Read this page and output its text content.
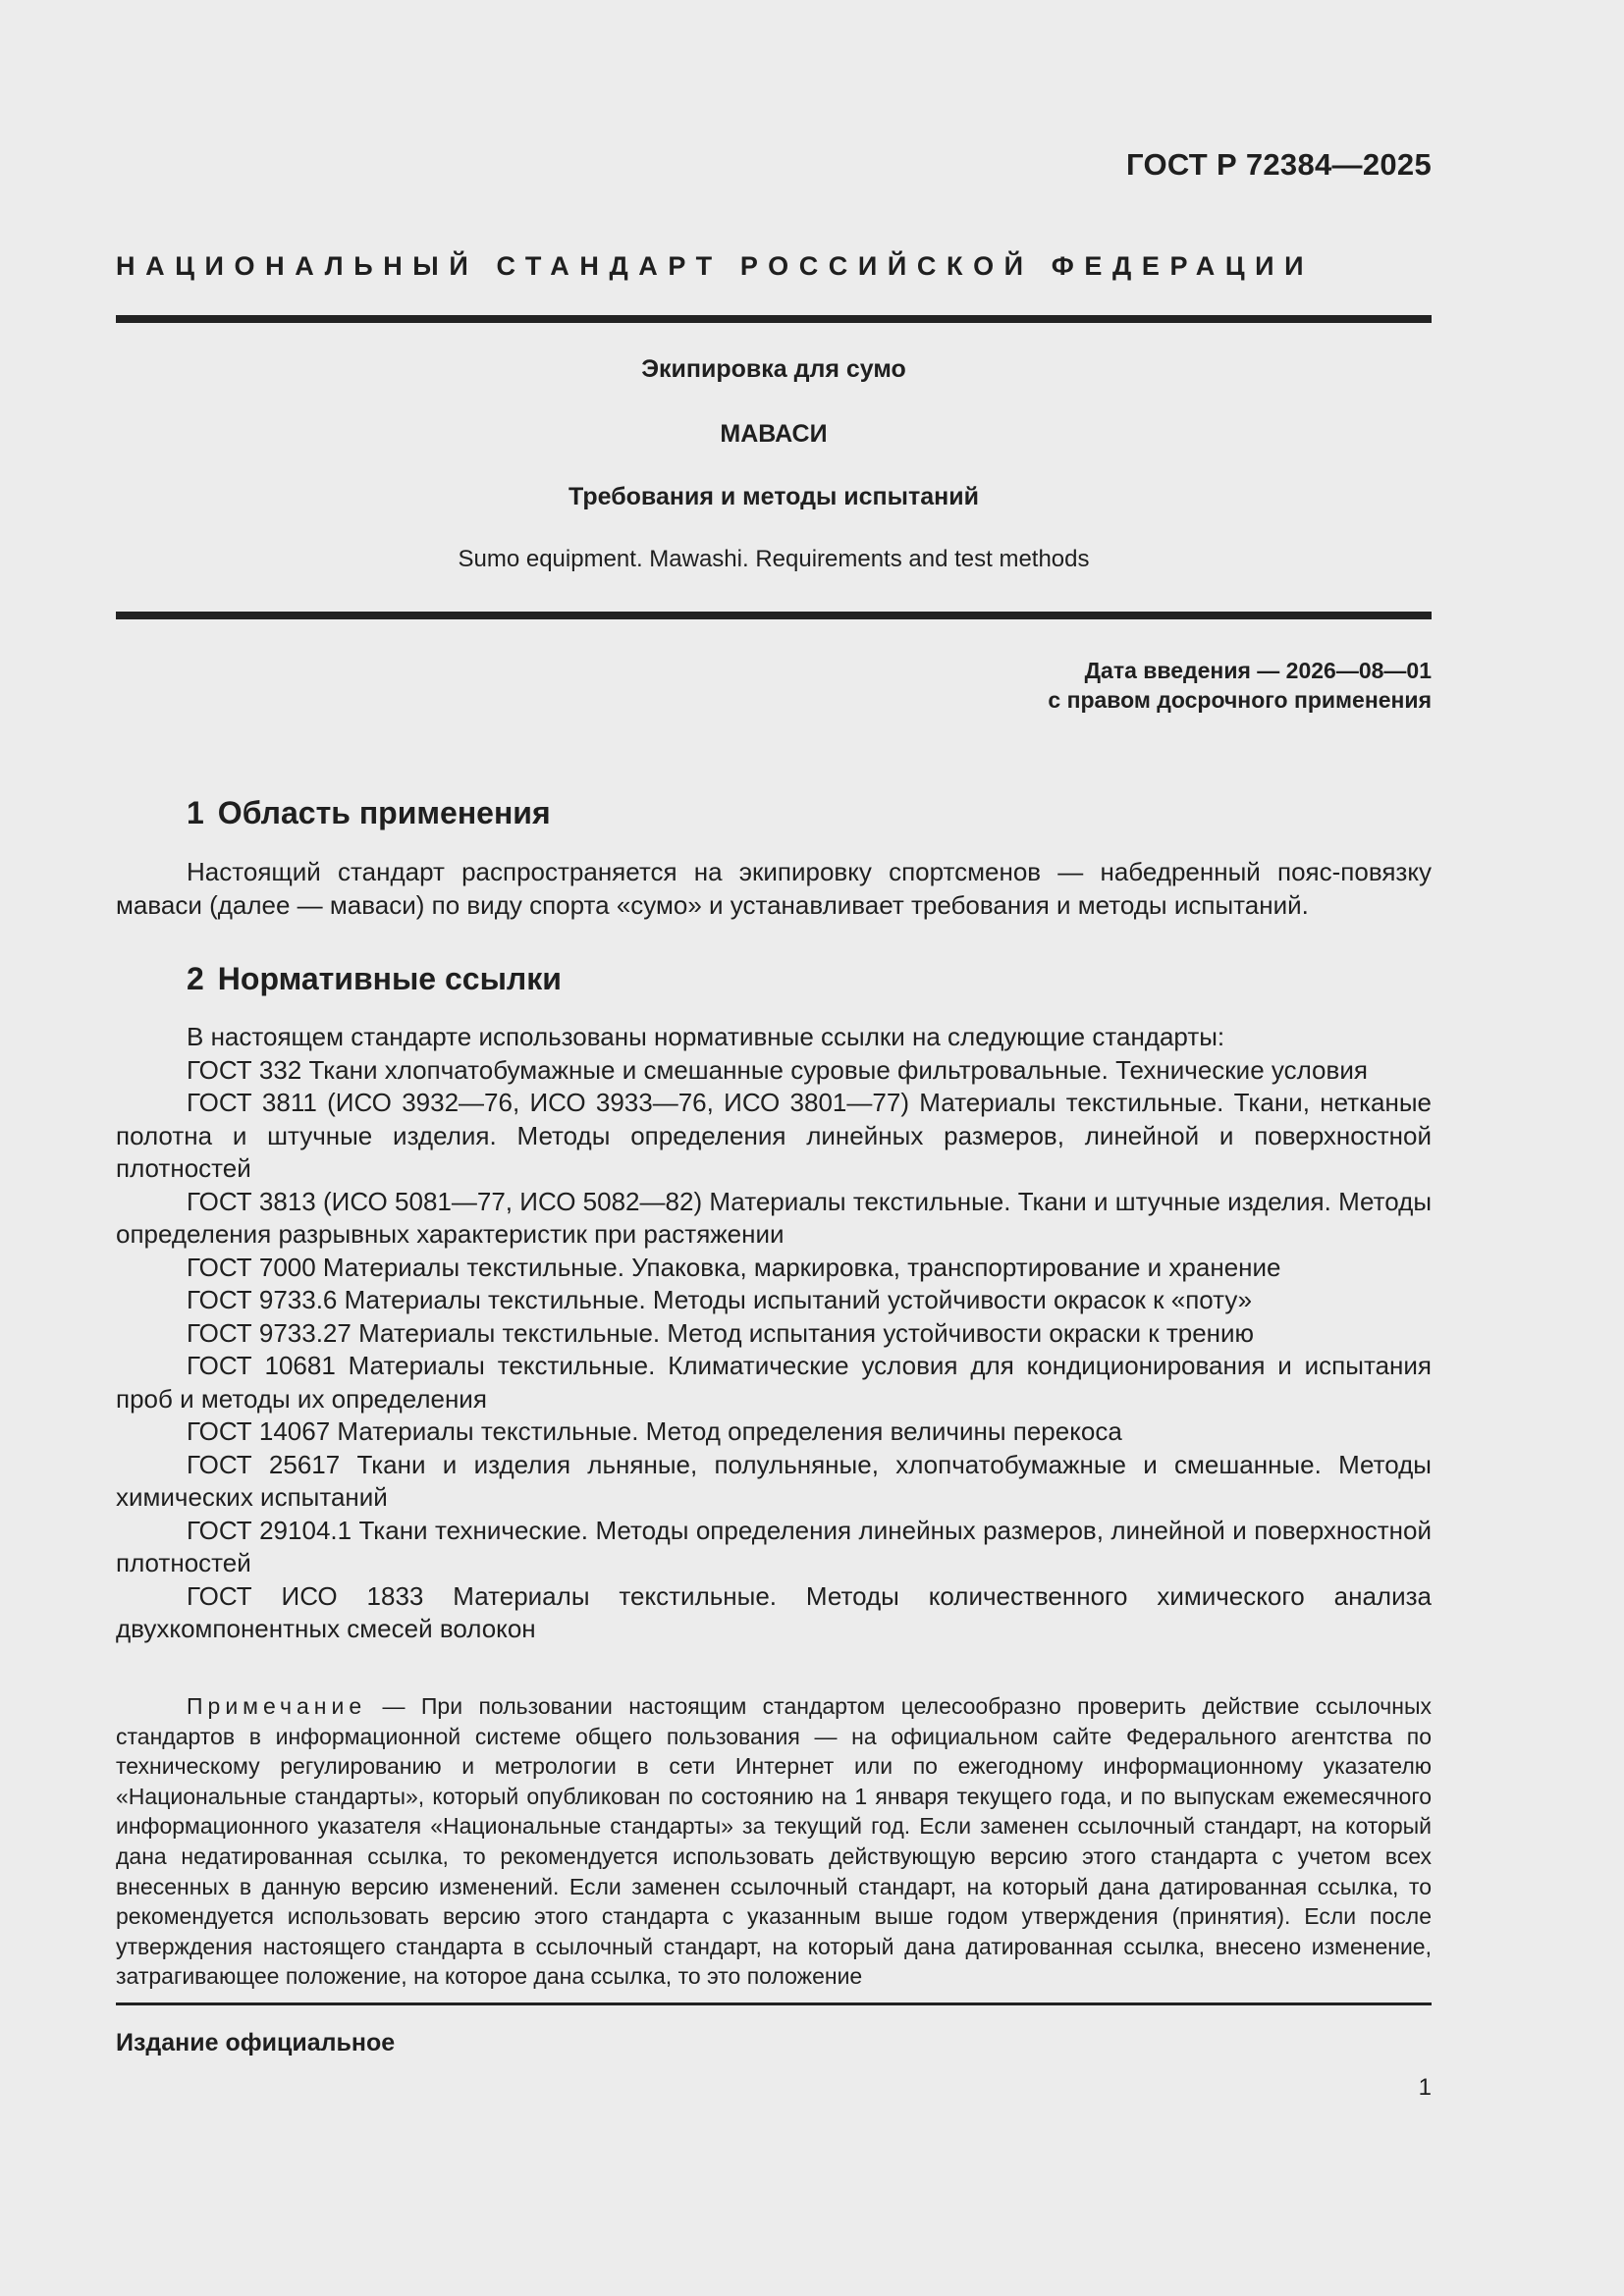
ГОСТ Р 72384—2025
НАЦИОНАЛЬНЫЙ СТАНДАРТ РОССИЙСКОЙ ФЕДЕРАЦИИ
Экипировка для сумо
МАВАСИ
Требования и методы испытаний
Sumo equipment. Mawashi. Requirements and test methods
Дата введения — 2026—08—01
с правом досрочного применения
1 Область применения

Настоящий стандарт распространяется на экипировку спортсменов — набедренный пояс-повязку маваси (далее — маваси) по виду спорта «сумо» и устанавливает требования и методы испытаний.

2 Нормативные ссылки

В настоящем стандарте использованы нормативные ссылки на следующие стандарты:

ГОСТ 332 Ткани хлопчатобумажные и смешанные суровые фильтровальные. Технические условия

ГОСТ 3811 (ИСО 3932—76, ИСО 3933—76, ИСО 3801—77) Материалы текстильные. Ткани, нетканые полотна и штучные изделия. Методы определения линейных размеров, линейной и поверхностной плотностей

ГОСТ 3813 (ИСО 5081—77, ИСО 5082—82) Материалы текстильные. Ткани и штучные изделия. Методы определения разрывных характеристик при растяжении

ГОСТ 7000 Материалы текстильные. Упаковка, маркировка, транспортирование и хранение

ГОСТ 9733.6 Материалы текстильные. Методы испытаний устойчивости окрасок к «поту»

ГОСТ 9733.27 Материалы текстильные. Метод испытания устойчивости окраски к трению

ГОСТ 10681 Материалы текстильные. Климатические условия для кондиционирования и испытания проб и методы их определения

ГОСТ 14067 Материалы текстильные. Метод определения величины перекоса

ГОСТ 25617 Ткани и изделия льняные, полульняные, хлопчатобумажные и смешанные. Методы химических испытаний

ГОСТ 29104.1 Ткани технические. Методы определения линейных размеров, линейной и поверхностной плотностей

ГОСТ ИСО 1833 Материалы текстильные. Методы количественного химического анализа двухкомпонентных смесей волокон

Примечание — При пользовании настоящим стандартом целесообразно проверить действие ссылочных стандартов в информационной системе общего пользования — на официальном сайте Федерального агентства по техническому регулированию и метрологии в сети Интернет или по ежегодному информационному указателю «Национальные стандарты», который опубликован по состоянию на 1 января текущего года, и по выпускам ежемесячного информационного указателя «Национальные стандарты» за текущий год. Если заменен ссылочный стандарт, на который дана недатированная ссылка, то рекомендуется использовать действующую версию этого стандарта с учетом всех внесенных в данную версию изменений. Если заменен ссылочный стандарт, на который дана датированная ссылка, то рекомендуется использовать версию этого стандарта с указанным выше годом утверждения (принятия). Если после утверждения настоящего стандарта в ссылочный стандарт, на который дана датированная ссылка, внесено изменение, затрагивающее положение, на которое дана ссылка, то это положение

Издание официальное
1
